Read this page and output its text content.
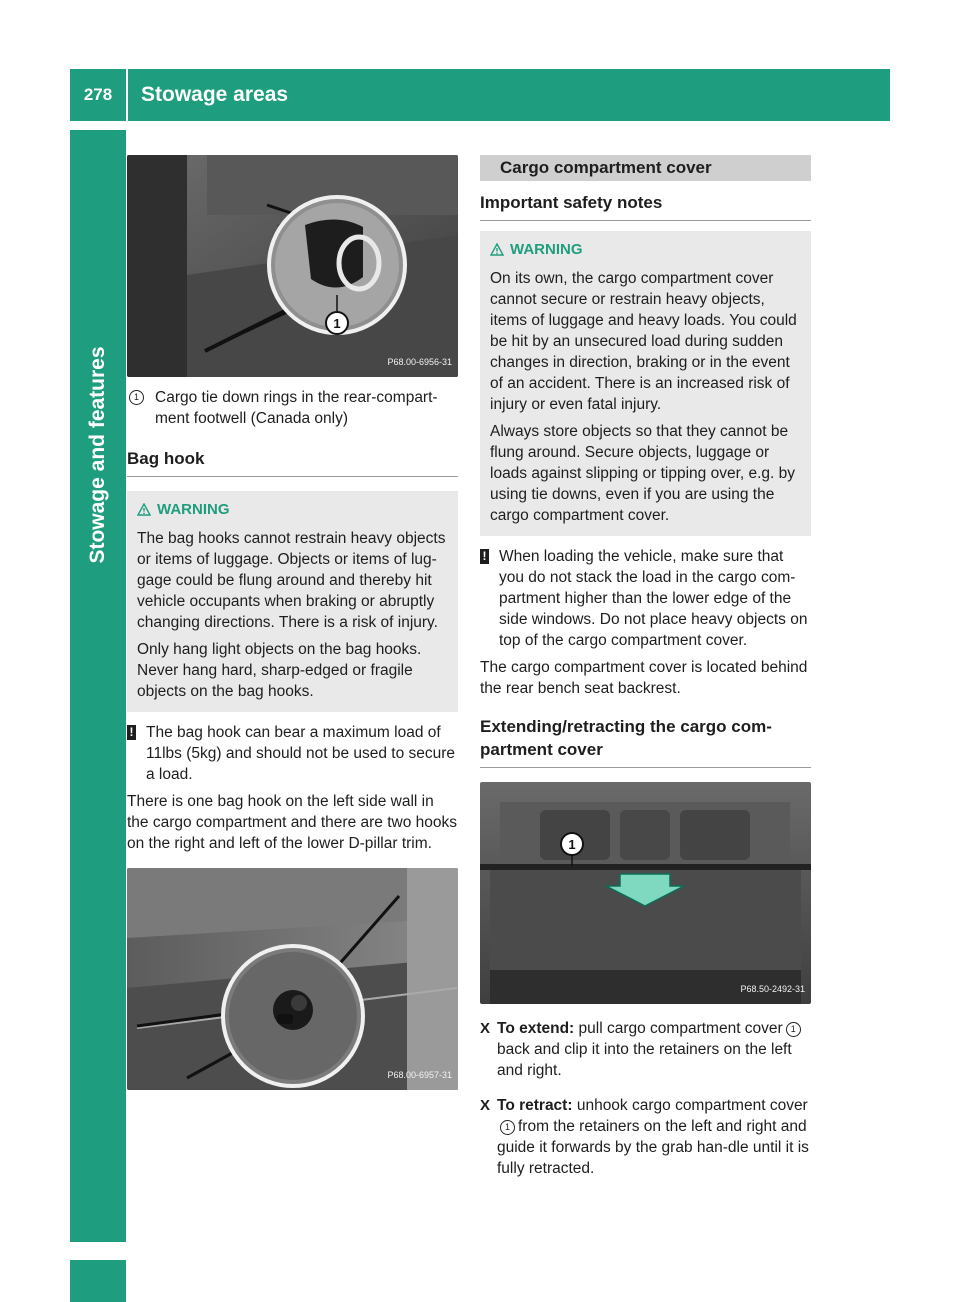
278	Stowage areas
Stowage and features
1
P68.00-6956-31
1	Cargo tie down rings in the rear-compart-ment footwell (Canada only)
Bag hook
WARNING

The bag hooks cannot restrain heavy objects or items of luggage. Objects or items of lug-gage could be flung around and thereby hit vehicle occupants when braking or abruptly changing directions. There is a risk of injury.

Only hang light objects on the bag hooks. Never hang hard, sharp-edged or fragile objects on the bag hooks.

! The bag hook can bear a maximum load of 11lbs (5kg) and should not be used to secure a load.

There is one bag hook on the left side wall in the cargo compartment and there are two hooks on the right and left of the lower D-pillar trim.

P68.00-6957-31
Cargo compartment cover
Important safety notes
WARNING

On its own, the cargo compartment cover cannot secure or restrain heavy objects, items of luggage and heavy loads. You could be hit by an unsecured load during sudden changes in direction, braking or in the event of an accident. There is an increased risk of injury or even fatal injury.

Always store objects so that they cannot be flung around. Secure objects, luggage or loads against slipping or tipping over, e.g. by using tie downs, even if you are using the cargo compartment cover.

! When loading the vehicle, make sure that you do not stack the load in the cargo com-partment higher than the lower edge of the side windows. Do not place heavy objects on top of the cargo compartment cover.

The cargo compartment cover is located behind the rear bench seat backrest.

Extending/retracting the cargo com-partment cover
1
P68.50-2492-31
X To extend: pull cargo compartment cover 1back and clip it into the retainers on the left and right.
X To retract: unhook cargo compartment cover1 from the retainers on the left and right and guide it forwards by the grab han-dle until it is fully retracted.
